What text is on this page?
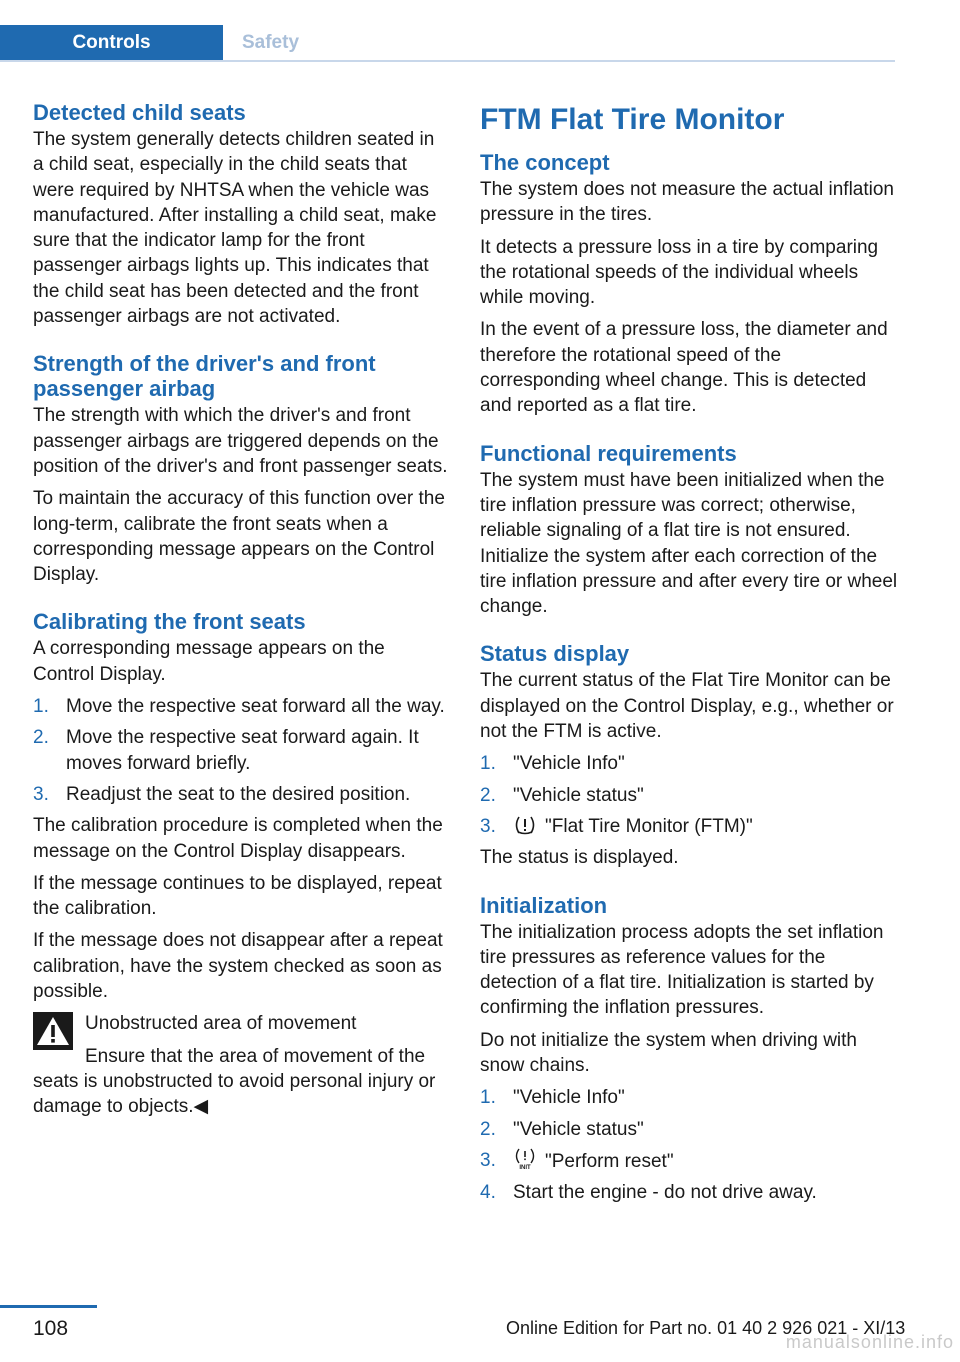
Controls	Safety
Detected child seats

The system generally detects children seated in a child seat, especially in the child seats that were required by NHTSA when the vehicle was manufactured. After installing a child seat, make sure that the indicator lamp for the front passenger airbags lights up. This indicates that the child seat has been detected and the front passenger airbags are not activated.

Strength of the driver's and front passenger airbag

The strength with which the driver's and front passenger airbags are triggered depends on the position of the driver's and front passenger seats.

To maintain the accuracy of this function over the long-term, calibrate the front seats when a corresponding message appears on the Control Display.

Calibrating the front seats

A corresponding message appears on the Control Display.

1. Move the respective seat forward all the way.
2. Move the respective seat forward again. It moves forward briefly.
3. Readjust the seat to the desired position.

The calibration procedure is completed when the message on the Control Display disappears.

If the message continues to be displayed, repeat the calibration.

If the message does not disappear after a repeat calibration, have the system checked as soon as possible.

Unobstructed area of movement

Ensure that the area of movement of the seats is unobstructed to avoid personal injury or damage to objects.◀

FTM Flat Tire Monitor
The concept

The system does not measure the actual inflation pressure in the tires.

It detects a pressure loss in a tire by comparing the rotational speeds of the individual wheels while moving.

In the event of a pressure loss, the diameter and therefore the rotational speed of the corresponding wheel change. This is detected and reported as a flat tire.

Functional requirements

The system must have been initialized when the tire inflation pressure was correct; otherwise, reliable signaling of a flat tire is not ensured. Initialize the system after each correction of the tire inflation pressure and after every tire or wheel change.

Status display

The current status of the Flat Tire Monitor can be displayed on the Control Display, e.g., whether or not the FTM is active.

1. "Vehicle Info"
2. "Vehicle status"
3.	"Flat Tire Monitor (FTM)"

The status is displayed.

Initialization

The initialization process adopts the set inflation tire pressures as reference values for the detection of a flat tire. Initialization is started by confirming the inflation pressures.

Do not initialize the system when driving with snow chains.

1. "Vehicle Info"
2. "Vehicle status"
3.	INIT "Perform reset"
4. Start the engine - do not drive away.
108	Online Edition for Part no. 01 40 2 926 021 - XI/13
manualsonline.info
